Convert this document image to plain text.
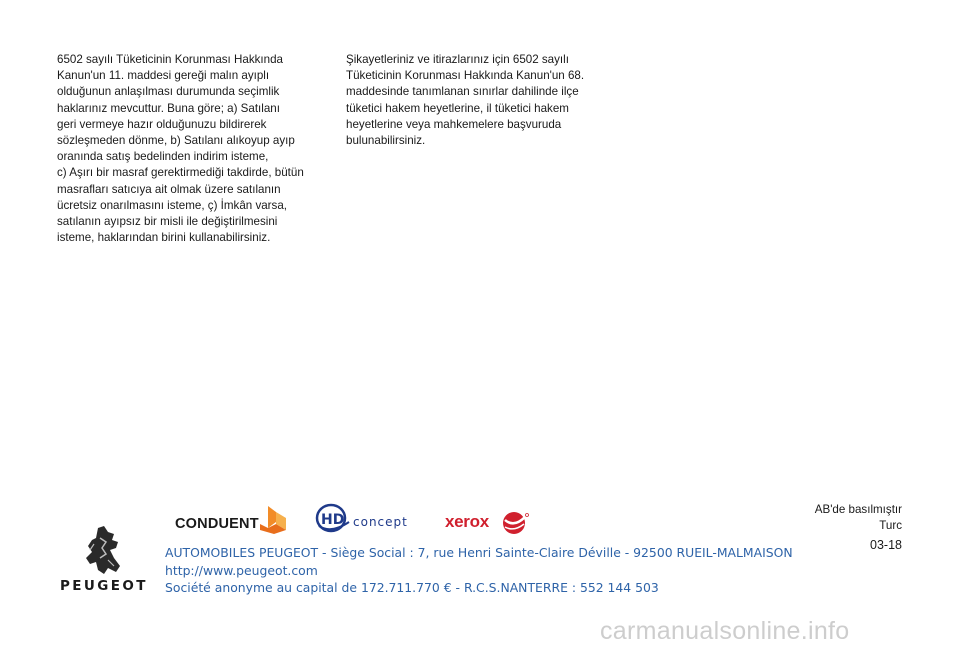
6502 sayılı Tüketicinin Korunması Hakkında
Kanun'un 11. maddesi gereği malın ayıplı
olduğunun anlaşılması durumunda seçimlik
haklarınız mevcuttur. Buna göre; a) Satılanı
geri vermeye hazır olduğunuzu bildirerek
sözleşmeden dönme, b) Satılanı alıkoyup ayıp
oranında satış bedelinden indirim isteme,
c) Aşırı bir masraf gerektirmediği takdirde, bütün
masrafları satıcıya ait olmak üzere satılanın
ücretsiz onarılmasını isteme, ç) İmkân varsa,
satılanın ayıpsız bir misli ile değiştirilmesini
isteme, haklarından birini kullanabilirsiniz.
Şikayetleriniz ve itirazlarınız için 6502 sayılı
Tüketicinin Korunması Hakkında Kanun'un 68.
maddesinde tanımlanan sınırlar dahilinde ilçe
tüketici hakem heyetlerine, il tüketici hakem
heyetlerine veya mahkemelere başvuruda
bulunabilirsiniz.
AB'de basılmıştır
Turc
03-18
CONDUENT	HD concept xerox
PEUGEOT
AUTOMOBILES PEUGEOT - Siège Social : 7, rue Henri Sainte-Claire Déville - 92500 RUEIL-MALMAISON
http://www.peugeot.com
Société anonyme au capital de 172.711.770 € - R.C.S.NANTERRE : 552 144 503
carmanualsonline.info
